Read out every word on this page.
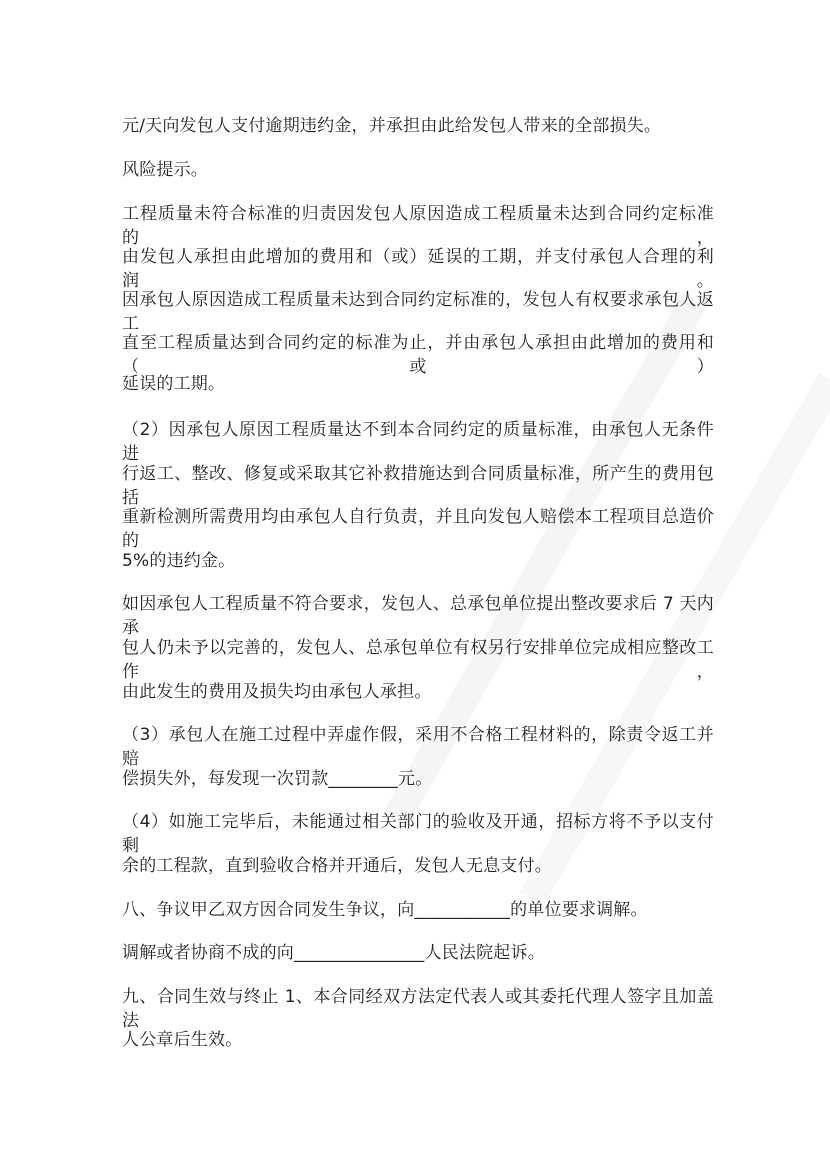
元/天向发包人支付逾期违约金，并承担由此给发包人带来的全部损失。
风险提示。
工程质量未符合标准的归责因发包人原因造成工程质量未达到合同约定标准的，
由发包人承担由此增加的费用和（或）延误的工期，并支付承包人合理的利润。
因承包人原因造成工程质量未达到合同约定标准的，发包人有权要求承包人返工
直至工程质量达到合同约定的标准为止，并由承包人承担由此增加的费用和（或）
延误的工期。
（2）因承包人原因工程质量达不到本合同约定的质量标准，由承包人无条件进
行返工、整改、修复或采取其它补救措施达到合同质量标准，所产生的费用包括
重新检测所需费用均由承包人自行负责，并且向发包人赔偿本工程项目总造价的
5%的违约金。
如因承包人工程质量不符合要求，发包人、总承包单位提出整改要求后 7 天内承
包人仍未予以完善的，发包人、总承包单位有权另行安排单位完成相应整改工作，
由此发生的费用及损失均由承包人承担。
（3）承包人在施工过程中弄虚作假，采用不合格工程材料的，除责令返工并赔
偿损失外，每发现一次罚款________元。
（4）如施工完毕后，未能通过相关部门的验收及开通，招标方将不予以支付剩
余的工程款，直到验收合格并开通后，发包人无息支付。
八、争议甲乙双方因合同发生争议，向___________的单位要求调解。
调解或者协商不成的向_______________人民法院起诉。
九、合同生效与终止 1、本合同经双方法定代表人或其委托代理人签字且加盖法
人公章后生效。
